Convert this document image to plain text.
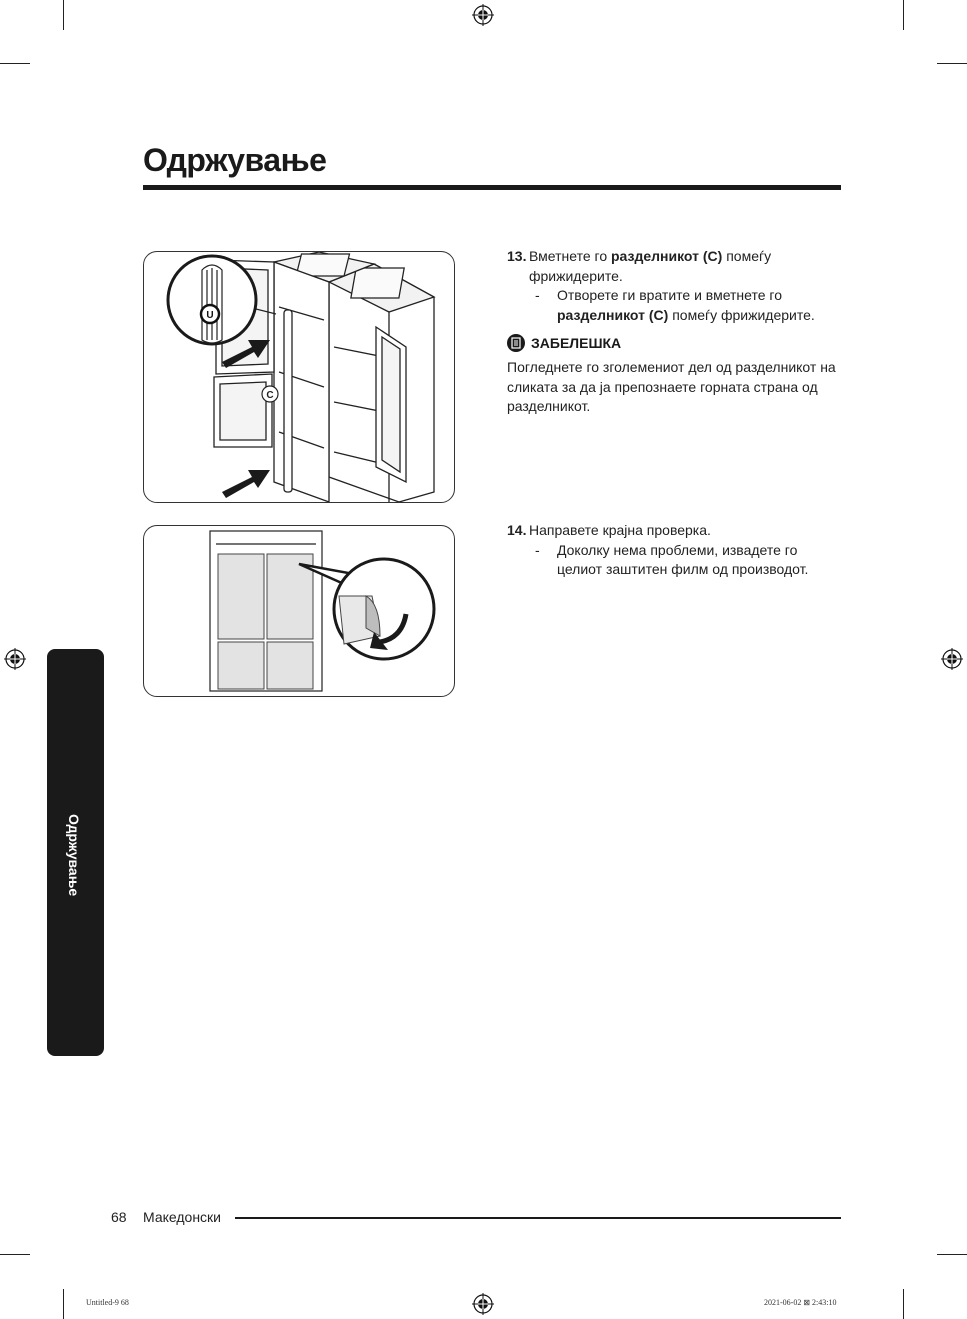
Одржување
C
U
13. Вметнете го разделникот (C) помеѓу
фрижидерите.
- Отворете ги вратите и вметнете го
разделникот (C) помеѓу фрижидерите.
ЗАБЕЛЕШКА
Погледнете го зголемениот дел од разделникот на сликата за да ја препознаете горната страна од разделникот.
14. Направете крајна проверка.
- Доколку нема проблеми, извадете го целиот заштитен филм од производот.
Одржување
68 Македонски
Untitled-9 68	2021-06-02 ⊠ 2:43:10
